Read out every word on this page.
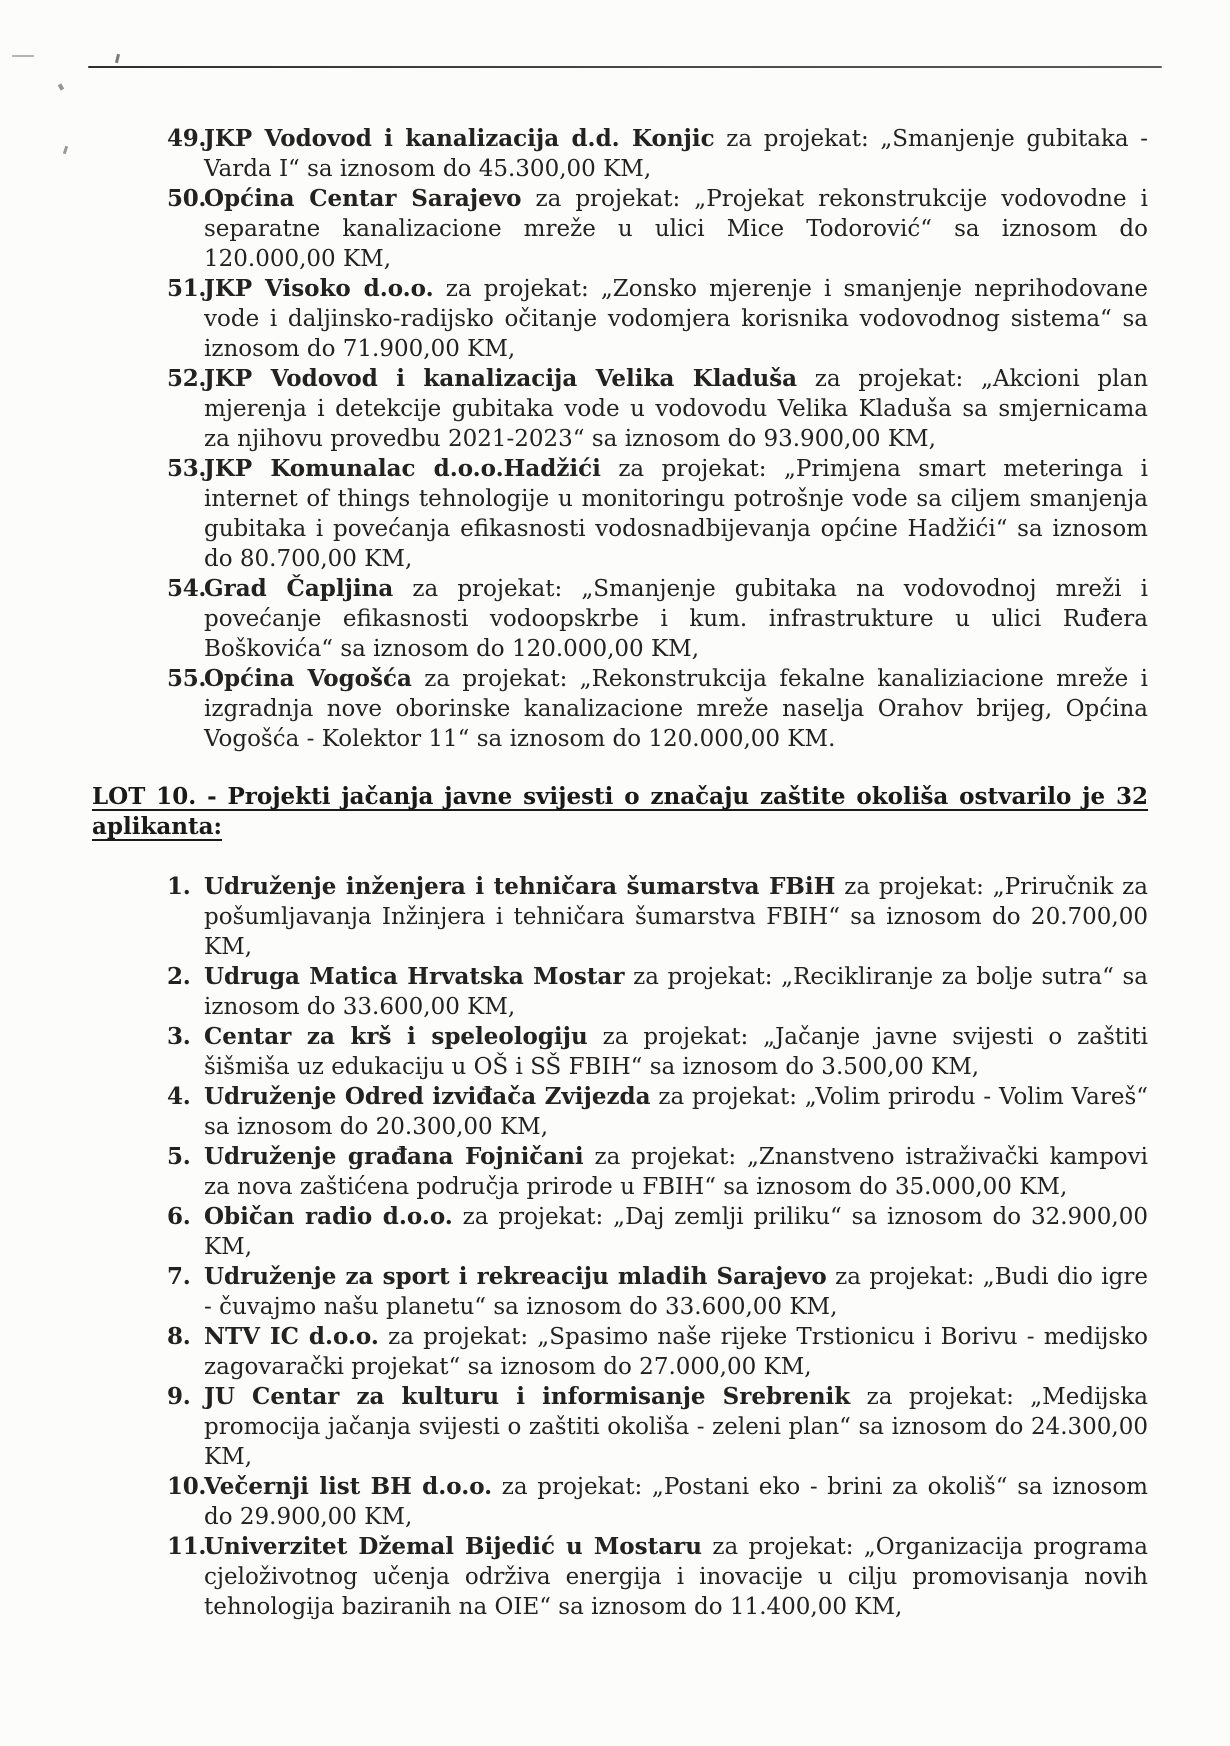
49.JKP Vodovod i kanalizacija d.d. Konjic za projekat: „Smanjenje gubitaka - Varda I“ sa iznosom do 45.300,00 KM,
50.Općina Centar Sarajevo za projekat: „Projekat rekonstrukcije vodovodne i separatne kanalizacione mreže u ulici Mice Todorović“ sa iznosom do 120.000,00 KM,
51.JKP Visoko d.o.o. za projekat: „Zonsko mjerenje i smanjenje neprihodovane vode i daljinsko-radijsko očitanje vodomjera korisnika vodovodnog sistema“ sa iznosom do 71.900,00 KM,
52.JKP Vodovod i kanalizacija Velika Kladuša za projekat: „Akcioni plan mjerenja i detekcije gubitaka vode u vodovodu Velika Kladuša sa smjernicama za njihovu provedbu 2021-2023“ sa iznosom do 93.900,00 KM,
53.JKP Komunalac d.o.o.Hadžići za projekat: „Primjena smart meteringa i internet of things tehnologije u monitoringu potrošnje vode sa ciljem smanjenja gubitaka i povećanja efikasnosti vodosnadbijevanja općine Hadžići“ sa iznosom do 80.700,00 KM,
54.Grad Čapljina za projekat: „Smanjenje gubitaka na vodovodnoj mreži i povećanje efikasnosti vodoopskrbe i kum. infrastrukture u ulici Ruđera Boškovića“ sa iznosom do 120.000,00 KM,
55.Općina Vogošća za projekat: „Rekonstrukcija fekalne kanaliziacione mreže i izgradnja nove oborinske kanalizacione mreže naselja Orahov brijeg, Općina Vogošća - Kolektor 11“ sa iznosom do 120.000,00 KM.
LOT 10. - Projekti jačanja javne svijesti o značaju zaštite okoliša ostvarilo je 32 aplikanta:
1. Udruženje inženjera i tehničara šumarstva FBiH za projekat: „Priručnik za pošumljavanja Inžinjera i tehničara šumarstva FBIH“ sa iznosom do 20.700,00 KM,
2. Udruga Matica Hrvatska Mostar za projekat: „Recikliranje za bolje sutra“ sa iznosom do 33.600,00 KM,
3. Centar za krš i speleologiju za projekat: „Jačanje javne svijesti o zaštiti šišmiša uz edukaciju u OŠ i SŠ FBIH“ sa iznosom do 3.500,00 KM,
4. Udruženje Odred izviđača Zvijezda za projekat: „Volim prirodu - Volim Vareš“ sa iznosom do 20.300,00 KM,
5. Udruženje građana Fojničani za projekat: „Znanstveno istraživački kampovi za nova zaštićena područja prirode u FBIH“ sa iznosom do 35.000,00 KM,
6. Običan radio d.o.o. za projekat: „Daj zemlji priliku“ sa iznosom do 32.900,00 KM,
7. Udruženje za sport i rekreaciju mladih Sarajevo za projekat: „Budi dio igre - čuvajmo našu planetu“ sa iznosom do 33.600,00 KM,
8. NTV IC d.o.o. za projekat: „Spasimo naše rijeke Trstionicu i Borivu - medijsko zagovarački projekat“ sa iznosom do 27.000,00 KM,
9. JU Centar za kulturu i informisanje Srebrenik za projekat: „Medijska promocija jačanja svijesti o zaštiti okoliša - zeleni plan“ sa iznosom do 24.300,00 KM,
10.Večernji list BH d.o.o. za projekat: „Postani eko - brini za okoliš“ sa iznosom do 29.900,00 KM,
11.Univerzitet Džemal Bijedić u Mostaru za projekat: „Organizacija programa cjeloživotnog učenja održiva energija i inovacije u cilju promovisanja novih tehnologija baziranih na OIE“ sa iznosom do 11.400,00 KM,
